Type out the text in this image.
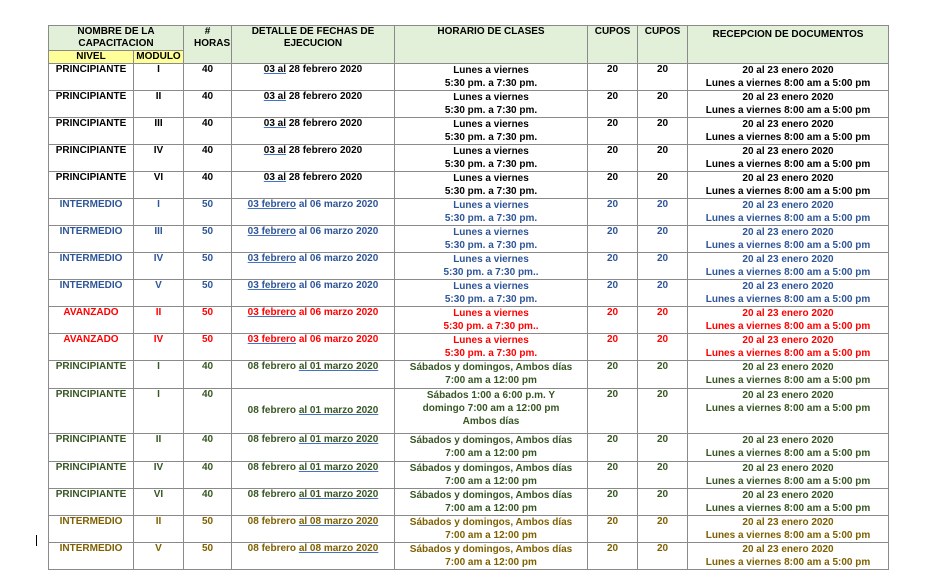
NOMBRE DE LA CAPACITACION		# HORAS	DETALLE DE FECHAS DE EJECUCION	HORARIO DE CLASES	CUPOS	CUPOS	RECEPCION DE DOCUMENTOS
NIVEL	MODULO						
PRINCIPIANTE	I	40	03 al 28 febrero 2020	Lunes a viernes
5:30 pm. a 7:30 pm.	20	20	20 al 23 enero 2020
Lunes a viernes 8:00 am a 5:00 pm

PRINCIPIANTE	II	40	03 al 28 febrero 2020	Lunes a viernes
5:30 pm. a 7:30 pm.	20	20	20 al 23 enero 2020
Lunes a viernes 8:00 am a 5:00 pm

PRINCIPIANTE	III	40	03 al 28 febrero 2020	Lunes a viernes
5:30 pm. a 7:30 pm.	20	20	20 al 23 enero 2020
Lunes a viernes 8:00 am a 5:00 pm

PRINCIPIANTE	IV	40	03 al 28 febrero 2020	Lunes a viernes
5:30 pm. a 7:30 pm.	20	20	20 al 23 enero 2020
Lunes a viernes 8:00 am a 5:00 pm

PRINCIPIANTE	VI	40	03 al 28 febrero 2020	Lunes a viernes
5:30 pm. a 7:30 pm.	20	20	20 al 23 enero 2020
Lunes a viernes 8:00 am a 5:00 pm

INTERMEDIO	I	50	03 febrero al 06 marzo 2020	Lunes a viernes
5:30 pm. a 7:30 pm.	20	20	20 al 23 enero 2020
Lunes a viernes 8:00 am a 5:00 pm

INTERMEDIO	III	50	03 febrero al 06 marzo 2020	Lunes a viernes
5:30 pm. a 7:30 pm.	20	20	20 al 23 enero 2020
Lunes a viernes 8:00 am a 5:00 pm

INTERMEDIO	IV	50	03 febrero al 06 marzo 2020	Lunes a viernes
5:30 pm. a 7:30 pm..	20	20	20 al 23 enero 2020
Lunes a viernes 8:00 am a 5:00 pm

INTERMEDIO	V	50	03 febrero al 06 marzo 2020	Lunes a viernes
5:30 pm. a 7:30 pm.	20	20	20 al 23 enero 2020
Lunes a viernes 8:00 am a 5:00 pm

AVANZADO	II	50	03 febrero al 06 marzo 2020	Lunes a viernes
5:30 pm. a 7:30 pm..	20	20	20 al 23 enero 2020
Lunes a viernes 8:00 am a 5:00 pm

AVANZADO	IV	50	03 febrero al 06 marzo 2020	Lunes a viernes
5:30 pm. a 7:30 pm.	20	20	20 al 23 enero 2020
Lunes a viernes 8:00 am a 5:00 pm

PRINCIPIANTE	I	40	08 febrero al 01 marzo 2020	Sábados y domingos, Ambos días
7:00 am a 12:00 pm	20	20	20 al 23 enero 2020
Lunes a viernes 8:00 am a 5:00 pm

PRINCIPIANTE	I	40	08 febrero al 01 marzo 2020	Sábados 1:00 a 6:00 p.m. Y
domingo 7:00 am a 12:00 pm
Ambos días	20	20	20 al 23 enero 2020
Lunes a viernes 8:00 am a 5:00 pm

PRINCIPIANTE	II	40	08 febrero al 01 marzo 2020	Sábados y domingos, Ambos días
7:00 am a 12:00 pm	20	20	20 al 23 enero 2020
Lunes a viernes 8:00 am a 5:00 pm

PRINCIPIANTE	IV	40	08 febrero al 01 marzo 2020	Sábados y domingos, Ambos días
7:00 am a 12:00 pm	20	20	20 al 23 enero 2020
Lunes a viernes 8:00 am a 5:00 pm

PRINCIPIANTE	VI	40	08 febrero al 01 marzo 2020	Sábados y domingos, Ambos días
7:00 am a 12:00 pm	20	20	20 al 23 enero 2020
Lunes a viernes 8:00 am a 5:00 pm

INTERMEDIO	II	50	08 febrero al 08 marzo 2020	Sábados y domingos, Ambos días
7:00 am a 12:00 pm	20	20	20 al 23 enero 2020
Lunes a viernes 8:00 am a 5:00 pm

INTERMEDIO	V	50	08 febrero al 08 marzo 2020	Sábados y domingos, Ambos días
7:00 am a 12:00 pm	20	20	20 al 23 enero 2020
Lunes a viernes 8:00 am a 5:00 pm
